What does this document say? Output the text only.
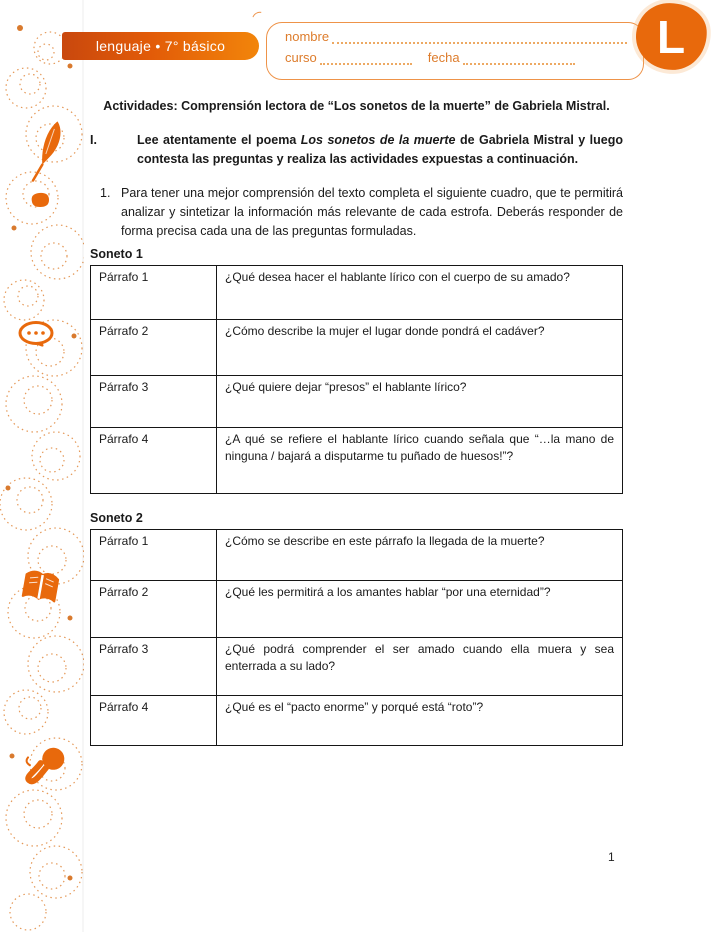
lenguaje • 7° básico
nombre
curso	fecha	L
Actividades: Comprensión lectora de “Los sonetos de la muerte” de Gabriela Mistral.
I.	Lee atentamente el poema Los sonetos de la muerte de Gabriela Mistral y luego contesta las preguntas y realiza las actividades expuestas a continuación.
1. Para tener una mejor comprensión del texto completa el siguiente cuadro, que te permitirá analizar y sintetizar la información más relevante de cada estrofa. Deberás responder de forma precisa cada una de las preguntas formuladas.
Soneto 1
Párrafo 1	¿Qué desea hacer el hablante lírico con el cuerpo de su amado?
Párrafo 2	¿Cómo describe la mujer el lugar donde pondrá el cadáver?
Párrafo 3	¿Qué quiere dejar “presos” el hablante lírico?
Párrafo 4	¿A qué se refiere el hablante lírico cuando señala que “…la mano de ninguna / bajará a disputarme tu puñado de huesos!”?
Soneto 2
Párrafo 1	¿Cómo se describe en este párrafo la llegada de la muerte?
Párrafo 2	¿Qué les permitirá a los amantes hablar “por una eternidad”?
Párrafo 3	¿Qué podrá comprender el ser amado cuando ella muera y sea enterrada a su lado?
Párrafo 4	¿Qué es el “pacto enorme” y porqué está “roto”?
1
